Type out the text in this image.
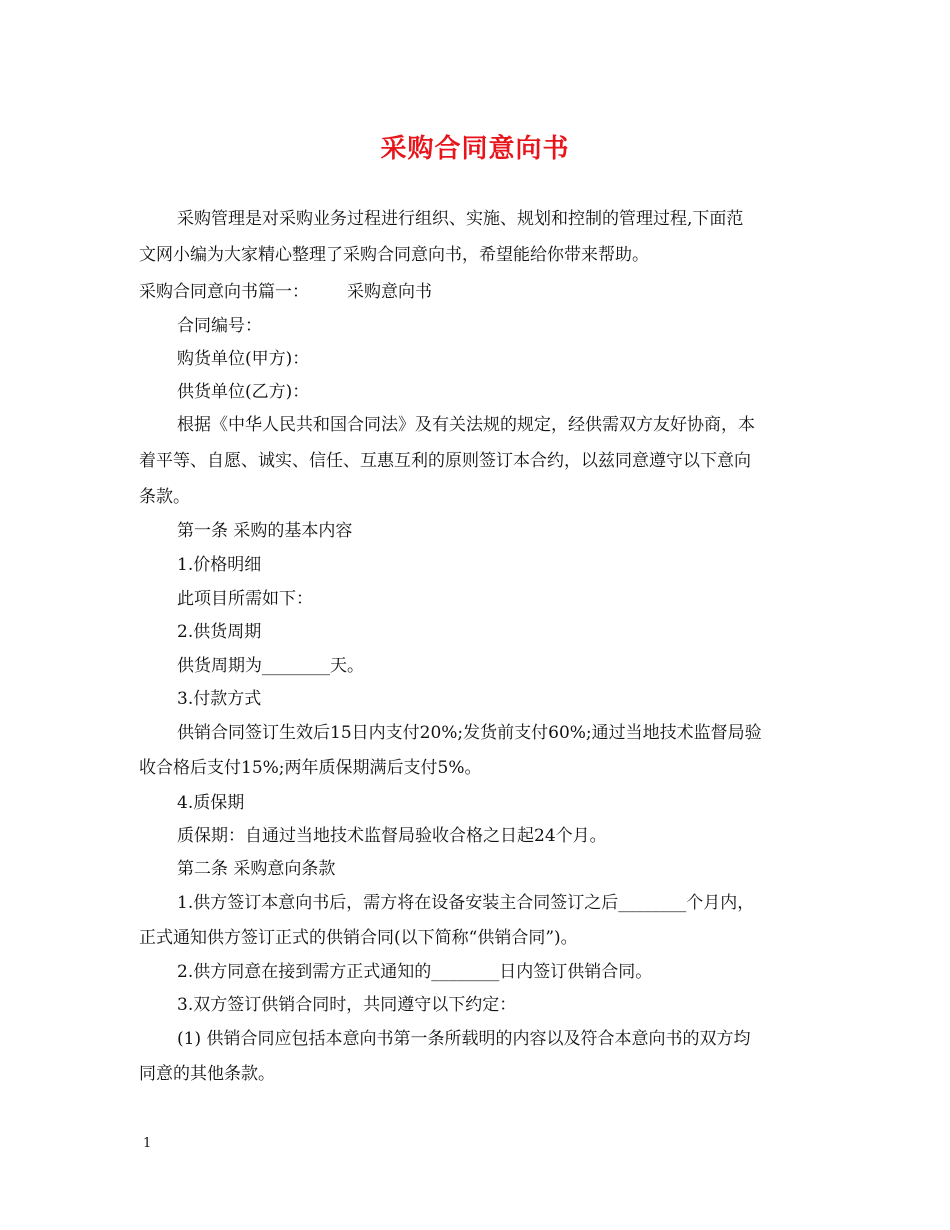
采购合同意向书
采购管理是对采购业务过程进行组织、实施、规划和控制的管理过程,下面范
文网小编为大家精心整理了采购合同意向书，希望能给你带来帮助。
采购合同意向书篇一： 采购意向书
合同编号：
购货单位(甲方)：
供货单位(乙方)：
根据《中华人民共和国合同法》及有关法规的规定，经供需双方友好协商，本
着平等、自愿、诚实、信任、互惠互利的原则签订本合约，以兹同意遵守以下意向
条款。
第一条 采购的基本内容
1.价格明细
此项目所需如下：
2.供货周期
供货周期为________天。
3.付款方式
供销合同签订生效后15日内支付20%;发货前支付60%;通过当地技术监督局验
收合格后支付15%;两年质保期满后支付5%。
4.质保期
质保期：自通过当地技术监督局验收合格之日起24个月。
第二条 采购意向条款
1.供方签订本意向书后，需方将在设备安装主合同签订之后________个月内，
正式通知供方签订正式的供销合同(以下简称“供销合同”)。
2.供方同意在接到需方正式通知的________日内签订供销合同。
3.双方签订供销合同时，共同遵守以下约定：
(1) 供销合同应包括本意向书第一条所载明的内容以及符合本意向书的双方均
同意的其他条款。
1
